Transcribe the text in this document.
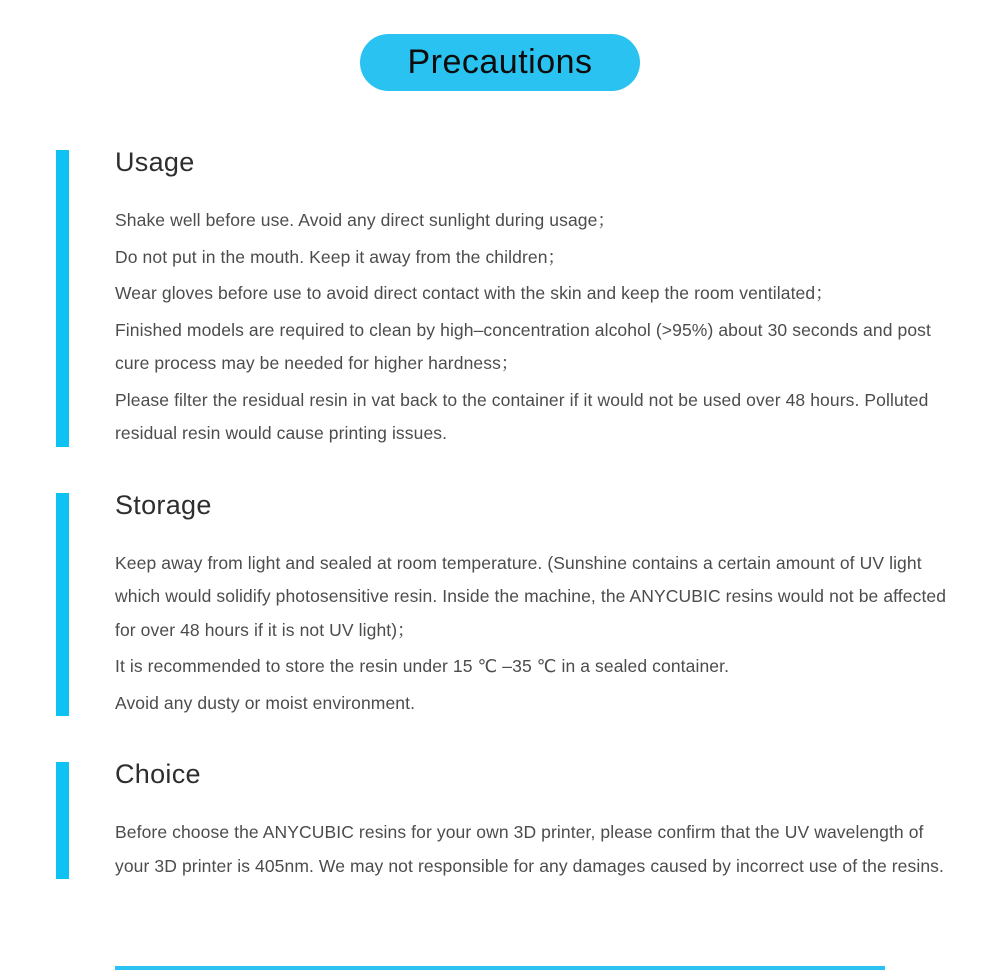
Precautions
Usage

Shake well before use. Avoid any direct sunlight during usage；

Do not put in the mouth. Keep it away from the children；

Wear gloves before use to avoid direct contact with the skin and keep the room ventilated；

Finished models are required to clean by high–concentration alcohol (>95%) about 30 seconds and post cure process may be needed for higher hardness；

Please filter the residual resin in vat back to the container if it would not be used over 48 hours. Polluted residual resin would cause printing issues.

Storage

Keep away from light and sealed at room temperature. (Sunshine contains a certain amount of UV light which would solidify photosensitive resin. Inside the machine, the ANYCUBIC resins would not be affected for over 48 hours if it is not UV light)；

It is recommended to store the resin under 15 ℃ –35 ℃ in a sealed container.

Avoid any dusty or moist environment.

Choice

Before choose the ANYCUBIC resins for your own 3D printer, please confirm that the UV wavelength of your 3D printer is 405nm. We may not responsible for any damages caused by incorrect use of the resins.
